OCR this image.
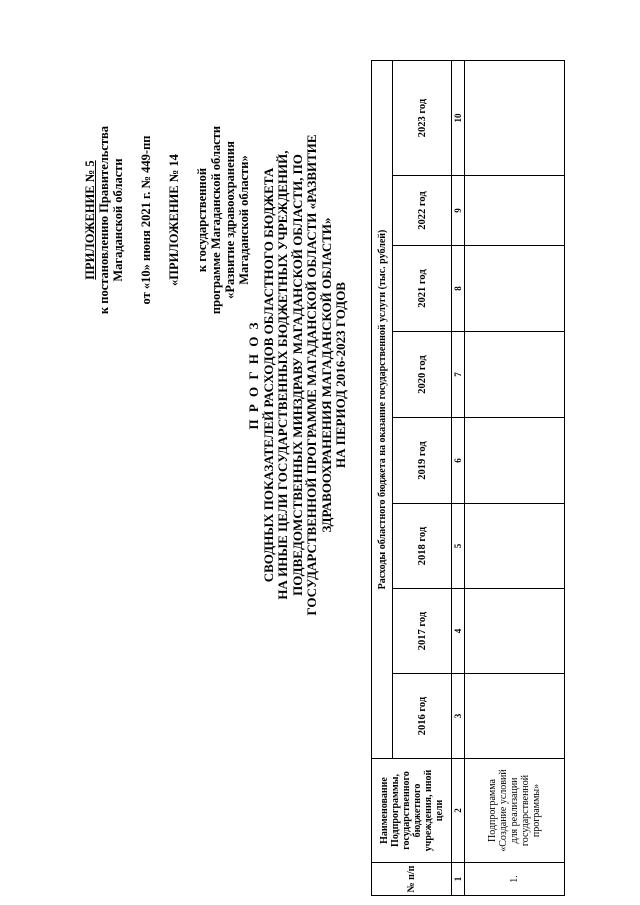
ПРИЛОЖЕНИЕ № 5 к постановлению Правительства Магаданской области от «10» июня 2021 г. № 449-пп «ПРИЛОЖЕНИЕ № 14 к государственной программе Магаданской области «Развитие здравоохранения Магаданской области»
П Р О Г Н О З СВОДНЫХ ПОКАЗАТЕЛЕЙ РАСХОДОВ ОБЛАСТНОГО БЮДЖЕТА НА ИНЫЕ ЦЕЛИ ГОСУДАРСТВЕННЫХ БЮДЖЕТНЫХ УЧРЕЖДЕНИЙ, ПОДВЕДОМСТВЕННЫХ МИНЗДРАВУ МАГАДАНСКОЙ ОБЛАСТИ, ПО ГОСУДАРСТВЕННОЙ ПРОГРАММЕ МАГАДАНСКОЙ ОБЛАСТИ «РАЗВИТИЕ ЗДРАВООХРАНЕНИЯ МАГАДАНСКОЙ ОБЛАСТИ» НА ПЕРИОД 2016-2023 ГОДОВ
№ п/п	Наименование Подпрограммы, государственного бюджетного учреждения, иной цели	Расходы областного бюджета на оказание государственной услуги (тыс. рублей)							
		2016 год	2017 год	2018 год	2019 год	2020 год	2021 год	2022 год	2023 год
1	2	3	4	5	6	7	8	9	10
1.	Подпрограмма «Создание условий для реализации государственной программы»								
